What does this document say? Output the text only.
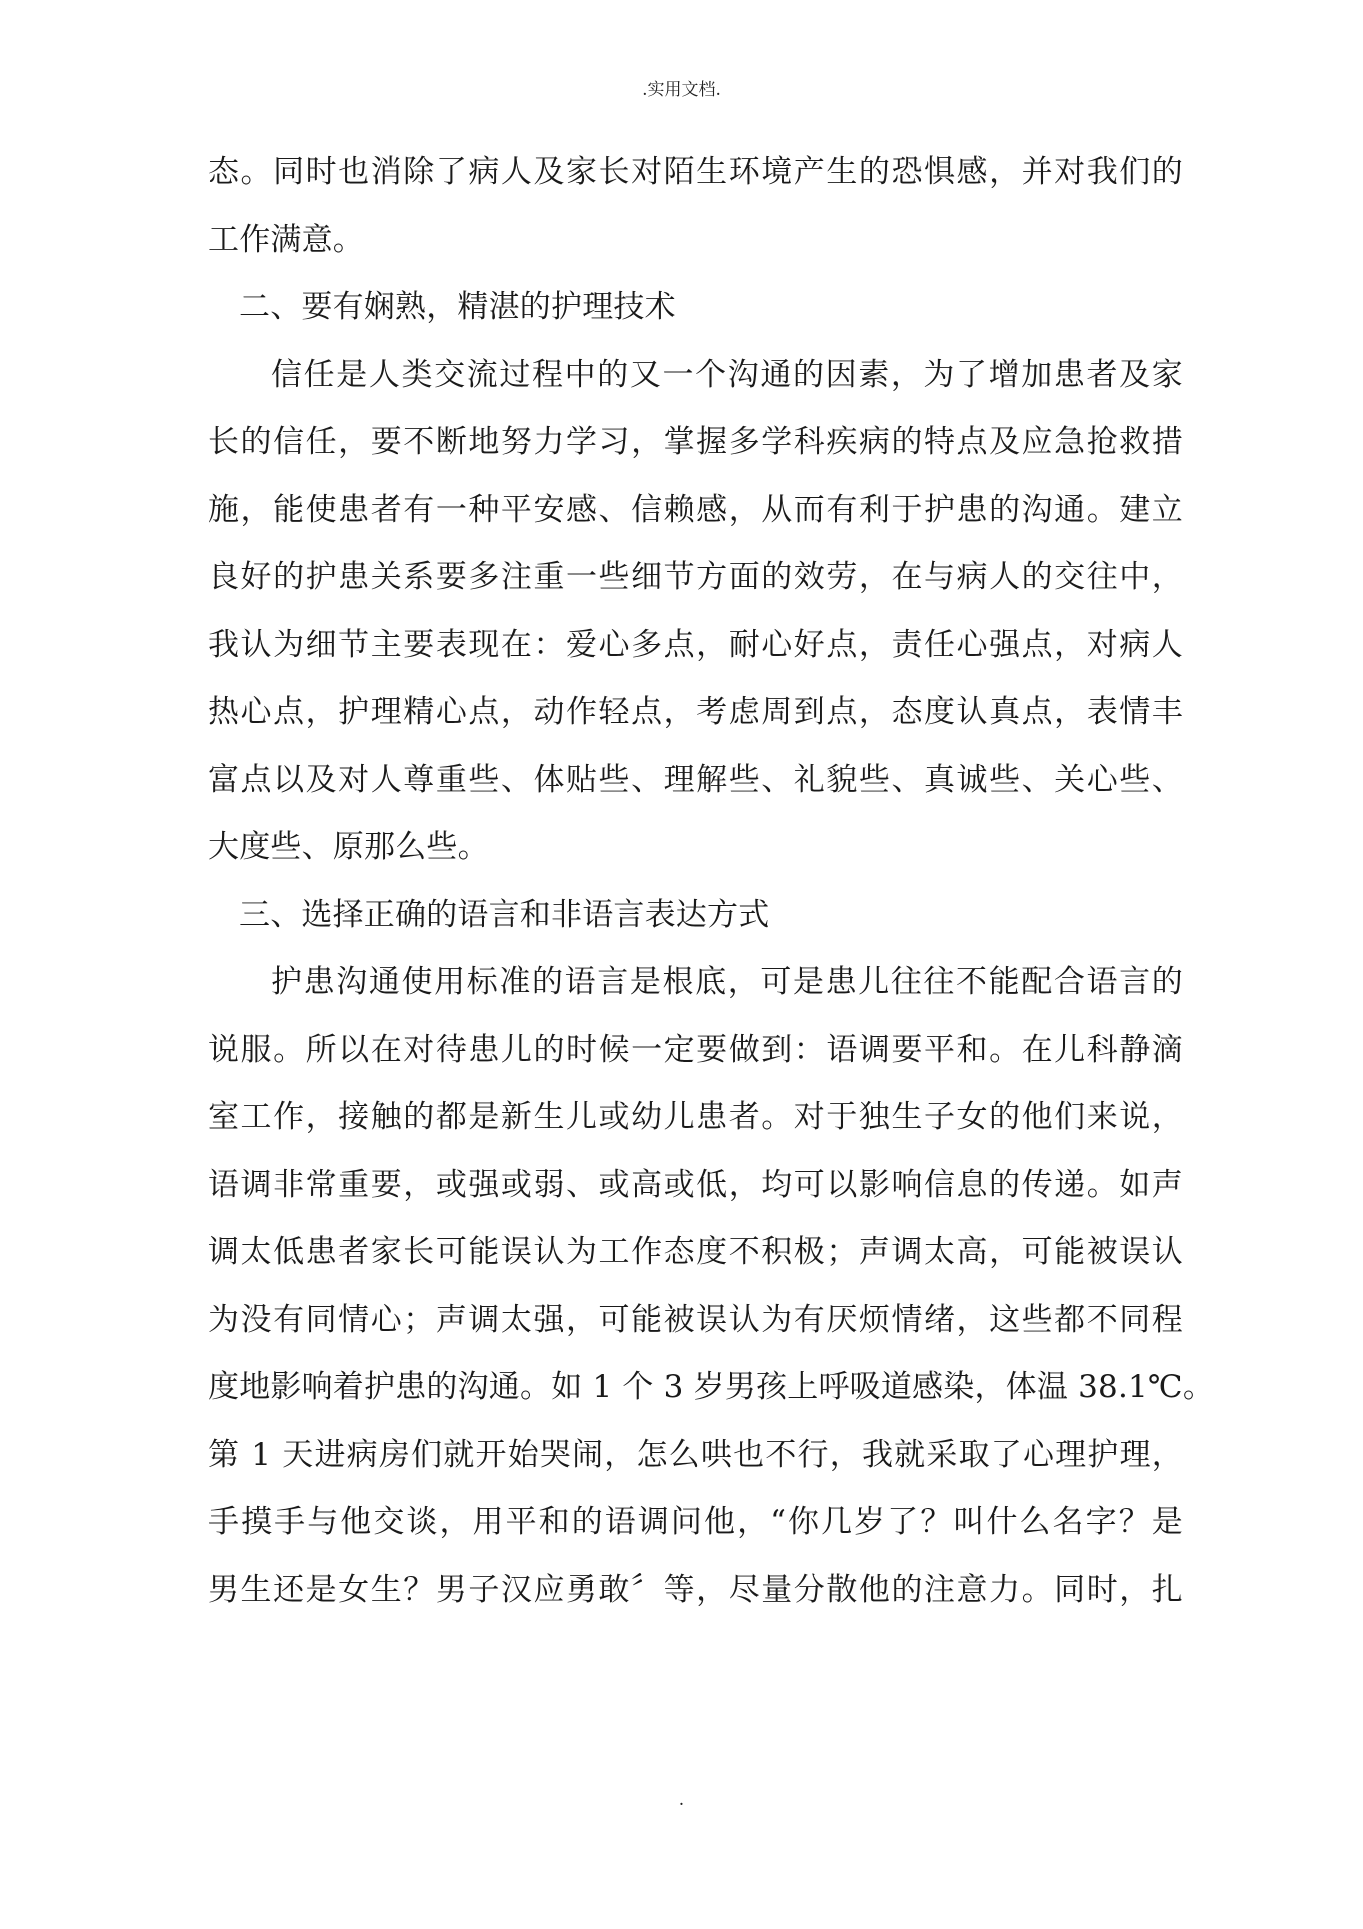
.实用文档.
态。同时也消除了病人及家长对陌生环境产生的恐惧感，并对我们的
工作满意。
二、要有娴熟，精湛的护理技术
信任是人类交流过程中的又一个沟通的因素，为了增加患者及家
长的信任，要不断地努力学习，掌握多学科疾病的特点及应急抢救措
施，能使患者有一种平安感、信赖感，从而有利于护患的沟通。建立
良好的护患关系要多注重一些细节方面的效劳，在与病人的交往中，
我认为细节主要表现在：爱心多点，耐心好点，责任心强点，对病人
热心点，护理精心点，动作轻点，考虑周到点，态度认真点，表情丰
富点以及对人尊重些、体贴些、理解些、礼貌些、真诚些、关心些、
大度些、原那么些。
三、选择正确的语言和非语言表达方式
护患沟通使用标准的语言是根底，可是患儿往往不能配合语言的
说服。所以在对待患儿的时候一定要做到：语调要平和。在儿科静滴
室工作，接触的都是新生儿或幼儿患者。对于独生子女的他们来说，
语调非常重要，或强或弱、或高或低，均可以影响信息的传递。如声
调太低患者家长可能误认为工作态度不积极；声调太高，可能被误认
为没有同情心；声调太强，可能被误认为有厌烦情绪，这些都不同程
度地影响着护患的沟通。如 1 个 3 岁男孩上呼吸道感染，体温 38.1℃。
第 1 天进病房们就开始哭闹，怎么哄也不行，我就采取了心理护理，
手摸手与他交谈，用平和的语调问他，“你几岁了？叫什么名字？是
男生还是女生？男子汉应勇敢〞等，尽量分散他的注意力。同时，扎
.
